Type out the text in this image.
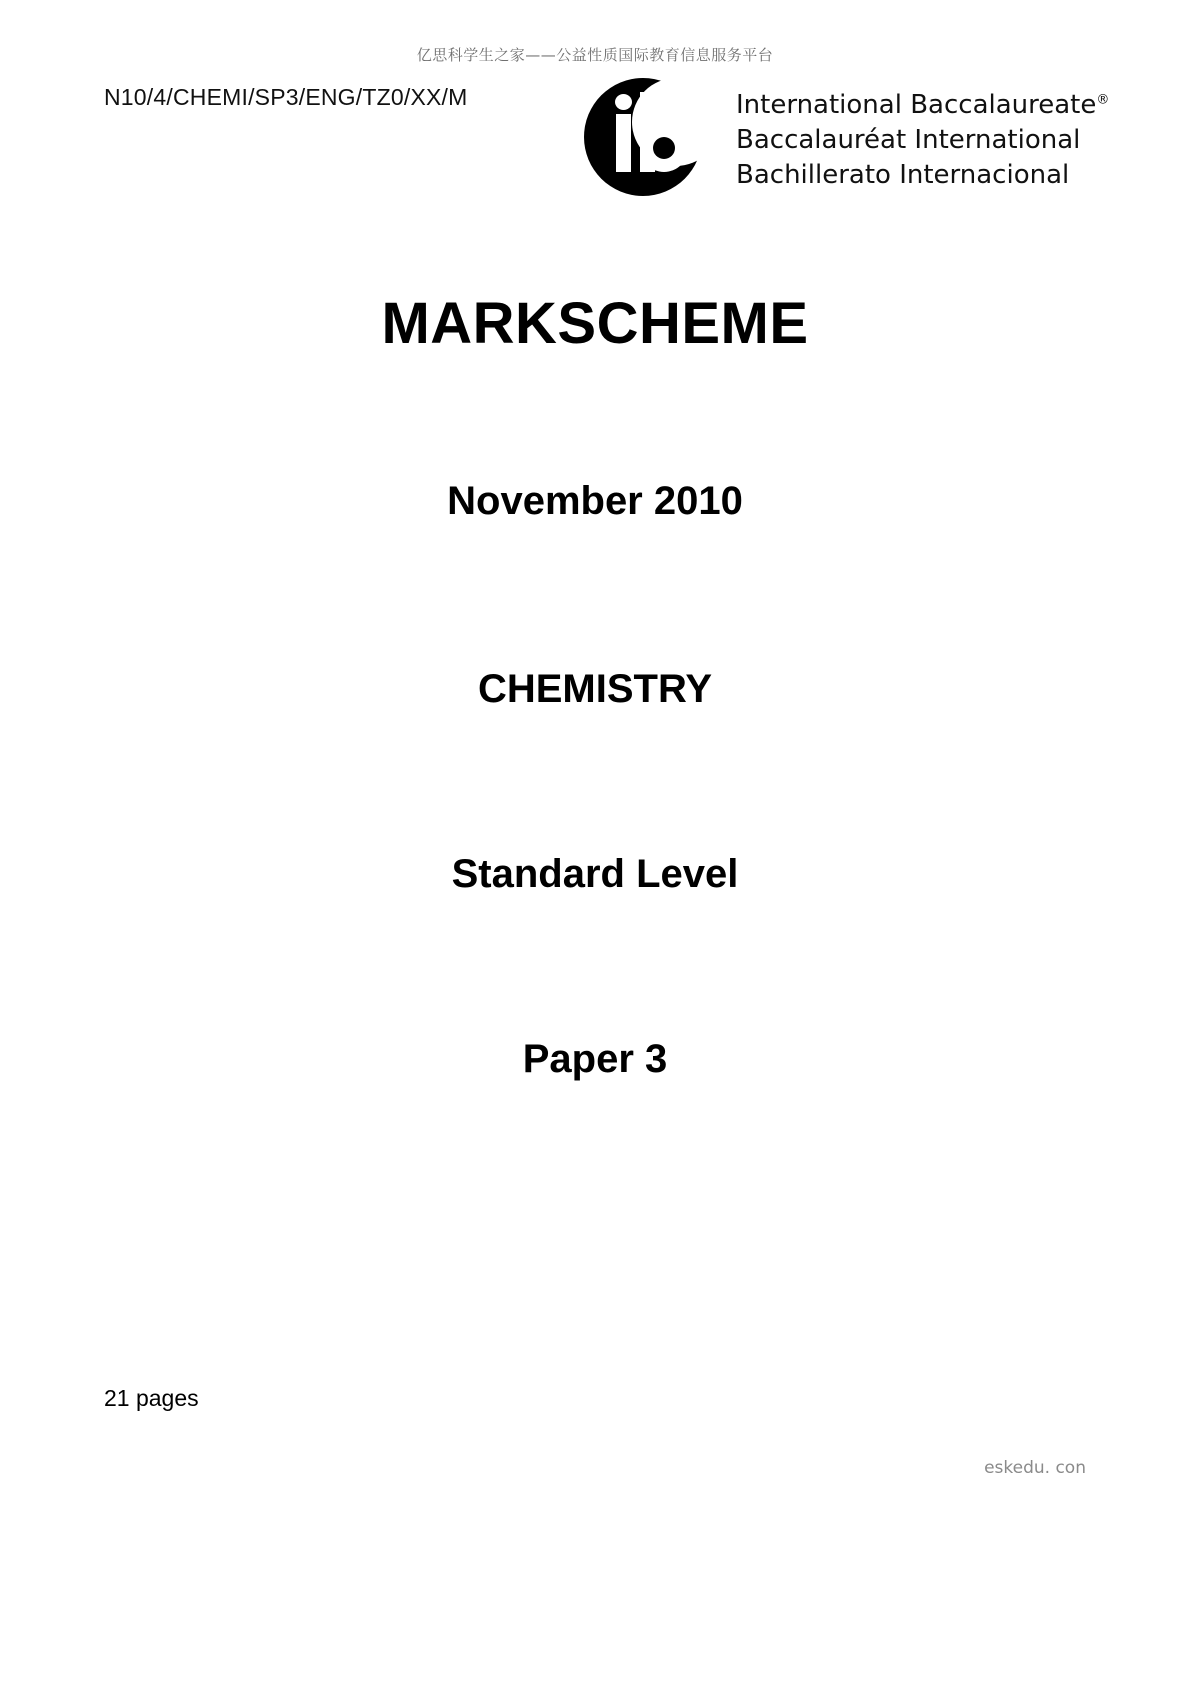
亿思科学生之家——公益性质国际教育信息服务平台
N10/4/CHEMI/SP3/ENG/TZ0/XX/M	International Baccalaureate®
Baccalauréat International
Bachillerato Internacional
MARKSCHEME
November 2010
CHEMISTRY
Standard Level
Paper 3
21 pages
eskedu. con
